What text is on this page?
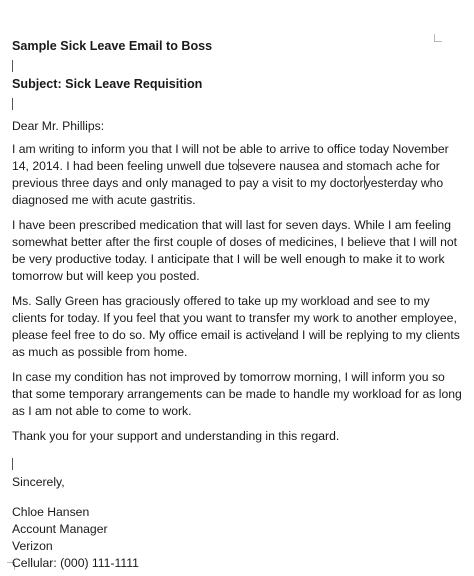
Sample Sick Leave Email to Boss
Subject: Sick Leave Requisition
Dear Mr. Phillips:

I am writing to inform you that I will not be able to arrive to office today November 14, 2014. I had been feeling unwell due tosevere nausea and stomach ache for previous three days and only managed to pay a visit to my doctoryesterday who diagnosed me with acute gastritis.

I have been prescribed medication that will last for seven days. While I am feeling somewhat better after the first couple of doses of medicines, I believe that I will not be very productive today. I anticipate that I will be well enough to make it to work tomorrow but will keep you posted.

Ms. Sally Green has graciously offered to take up my workload and see to my clients for today. If you feel that you want to transfer my work to another employee, please feel free to do so. My office email is activeand I will be replying to my clients as much as possible from home.

In case my condition has not improved by tomorrow morning, I will inform you so that some temporary arrangements can be made to handle my workload for as long as I am not able to come to work.

Thank you for your support and understanding in this regard.

Sincerely,
Chloe Hansen
Account Manager
Verizon
Cellular: (000) 111-1111
